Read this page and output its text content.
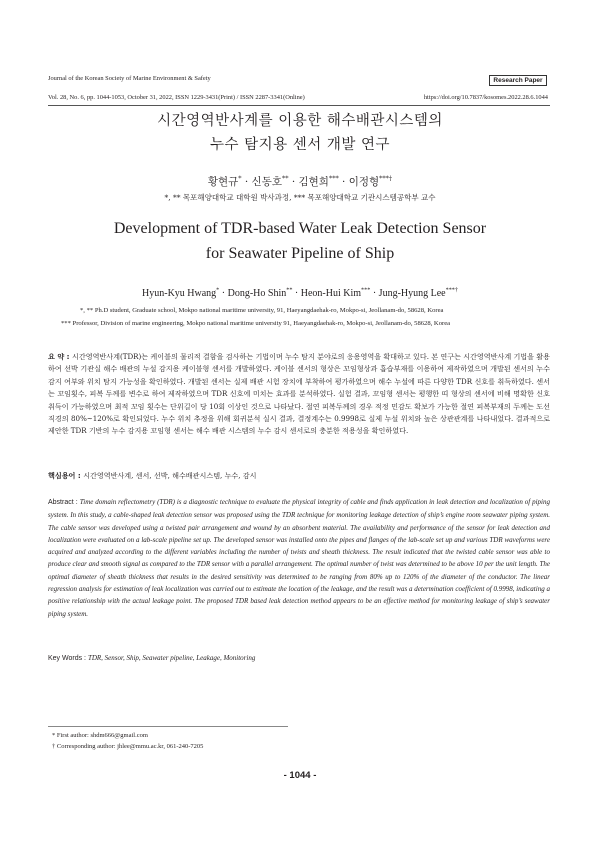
Journal of the Korean Society of Marine Environment & Safety	Research Paper
Vol. 28, No. 6, pp. 1044-1053, October 31, 2022, ISSN 1229-3431(Print) / ISSN 2287-3341(Online)	https://doi.org/10.7837/kosomes.2022.28.6.1044
시간영역반사계를 이용한 해수배관시스템의
누수 탐지용 센서 개발 연구
황현규* · 신동호** · 김현희*** · 이정형***†
*, ** 목포해양대학교 대학원 박사과정, *** 목포해양대학교 기관시스템공학부 교수
Development of TDR-based Water Leak Detection Sensor
for Seawater Pipeline of Ship
Hyun-Kyu Hwang* · Dong-Ho Shin** · Heon-Hui Kim*** · Jung-Hyung Lee***†
*, ** Ph.D student, Graduate school, Mokpo national maritime university, 91, Haeyangdaehak-ro, Mokpo-si, Jeollanam-do, 58628, Korea
*** Professor, Division of marine engineering, Mokpo national maritime university 91, Haeyangdaehak-ro, Mokpo-si, Jeollanam-do, 58628, Korea
요 약 : 시간영역반사계(TDR)는 케이블의 물리적 결함을 검사하는 기법이며 누수 탐지 분야로의 응용영역을 확대하고 있다. 본 연구는 시간영역반사계 기법을 활용하여 선박 기관실 해수 배관의 누설 감지용 케이블형 센서를 개발하였다. 케이블 센서의 형상은 꼬임형상과 흡습부재를 이용하여 제작하였으며 개발된 센서의 누수 감지 여부와 위치 탐지 가능성을 확인하였다. 개발된 센서는 실제 배관 시험 장치에 부착하여 평가하였으며 해수 누설에 따른 다양한 TDR 신호를 취득하였다. 센서는 꼬임횟수, 피복 두께를 변수로 하여 제작하였으며 TDR 신호에 미치는 효과를 분석하였다. 실험 결과, 꼬임형 센서는 평행한 띠 형상의 센서에 비해 명확한 신호 취득이 가능하였으며 최적 꼬임 횟수는 단위길이 당 10회 이상인 것으로 나타났다. 절연 피복두께의 경우 적정 민감도 확보가 가능한 절연 피복부재의 두께는 도선 직경의 80%~120%로 확인되었다. 누수 위치 추정을 위해 회귀분석 실시 결과, 결정계수는 0.9998로 실제 누설 위치와 높은 상관관계를 나타내었다. 결과적으로 제안한 TDR 기반의 누수 감지용 꼬임형 센서는 해수 배관 시스템의 누수 감시 센서로의 충분한 적용성을 확인하였다.
핵심용어 : 시간영역반사계, 센서, 선박, 해수배관시스템, 누수, 감시
Abstract : Time domain reflectometry (TDR) is a diagnostic technique to evaluate the physical integrity of cable and finds application in leak detection and localization of piping system. In this study, a cable-shaped leak detection sensor was proposed using the TDR technique for monitoring leakage detection of ship’s engine room seawater piping system. The cable sensor was developed using a twisted pair arrangement and wound by an absorbent material. The availability and performance of the sensor for leak detection and localization were evaluated on a lab-scale pipeline set up. The developed sensor was installed onto the pipes and flanges of the lab-scale set up and various TDR waveforms were acquired and analyzed according to the different variables including the number of twists and sheath thickness. The result indicated that the twisted cable sensor was able to produce clear and smooth signal as compared to the TDR sensor with a parallel arrangement. The optimal number of twist was determined to be above 10 per the unit length. The optimal diameter of sheath thickness that results in the desired sensitivity was determined to be ranging from 80% up to 120% of the diameter of the conductor. The linear regression analysis for estimation of leak localization was carried out to estimate the location of the leakage, and the result was a determination coefficient of 0.9998, indicating a positive relationship with the actual leakage point. The proposed TDR based leak detection method appears to be an effective method for monitoring leakage of ship’s seawater piping system.
Key Words : TDR, Sensor, Ship, Seawater pipeline, Leakage, Monitoring
* First author: shdm666@gmail.com
† Corresponding author: jhlee@mmu.ac.kr, 061-240-7205
- 1044 -
